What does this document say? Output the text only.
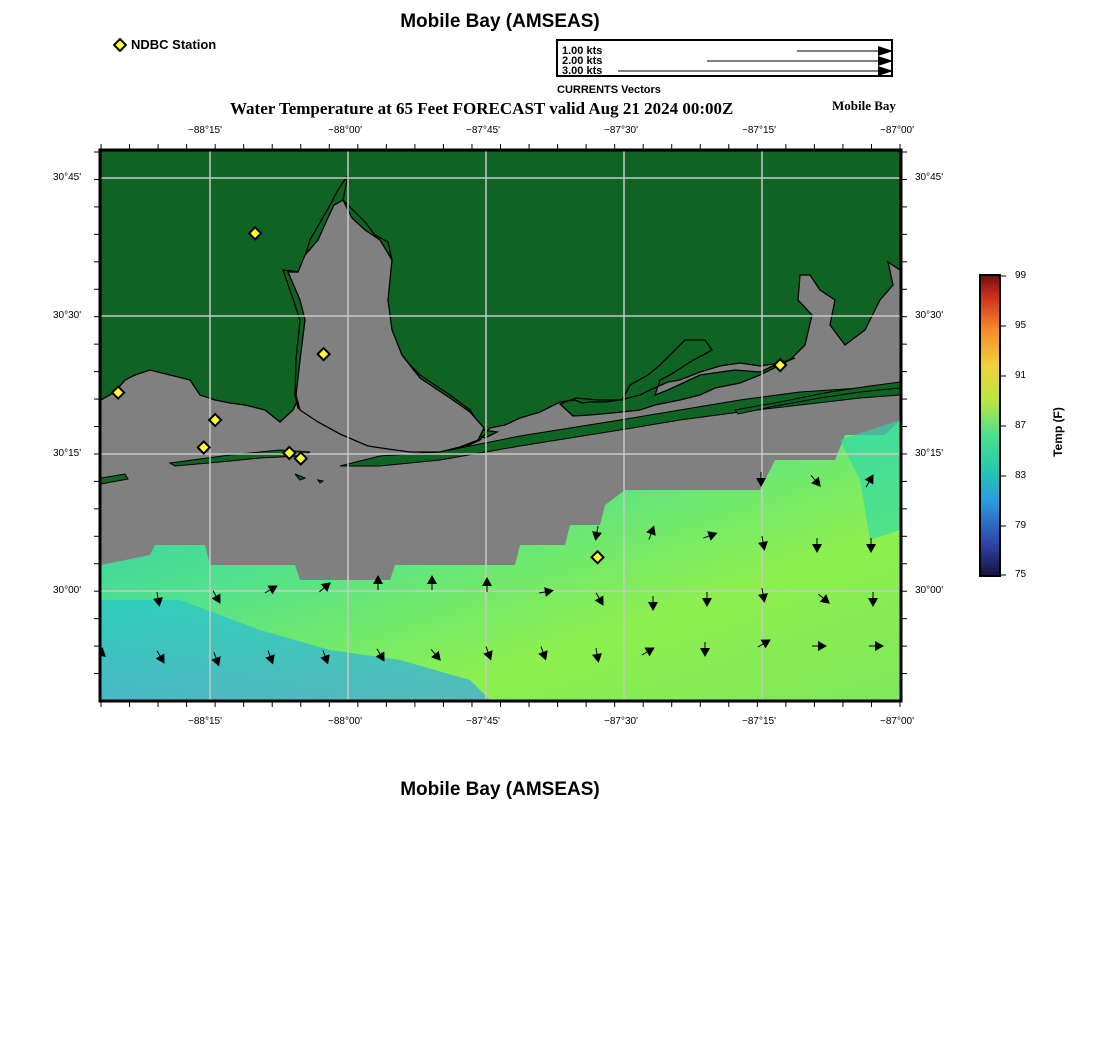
Mobile Bay (AMSEAS)
NDBC Station	1.00 kts
2.00 kts
3.00 kts
CURRENTS Vectors
Water Temperature at 65 Feet FORECAST valid Aug 21 2024 00:00Z	Mobile Bay
−88°15'	−88°00'	−87°45'	−87°30'	−87°15'	−87°00'
−88°15'	−88°00'	−87°45'	−87°30'	−87°15'	−87°00'
30°45'
30°30'
30°15'
30°00'
30°45'
30°30'
30°15'
30°00'
99
95
91
87
83
79
75
Temp (F)
Mobile Bay (AMSEAS)
